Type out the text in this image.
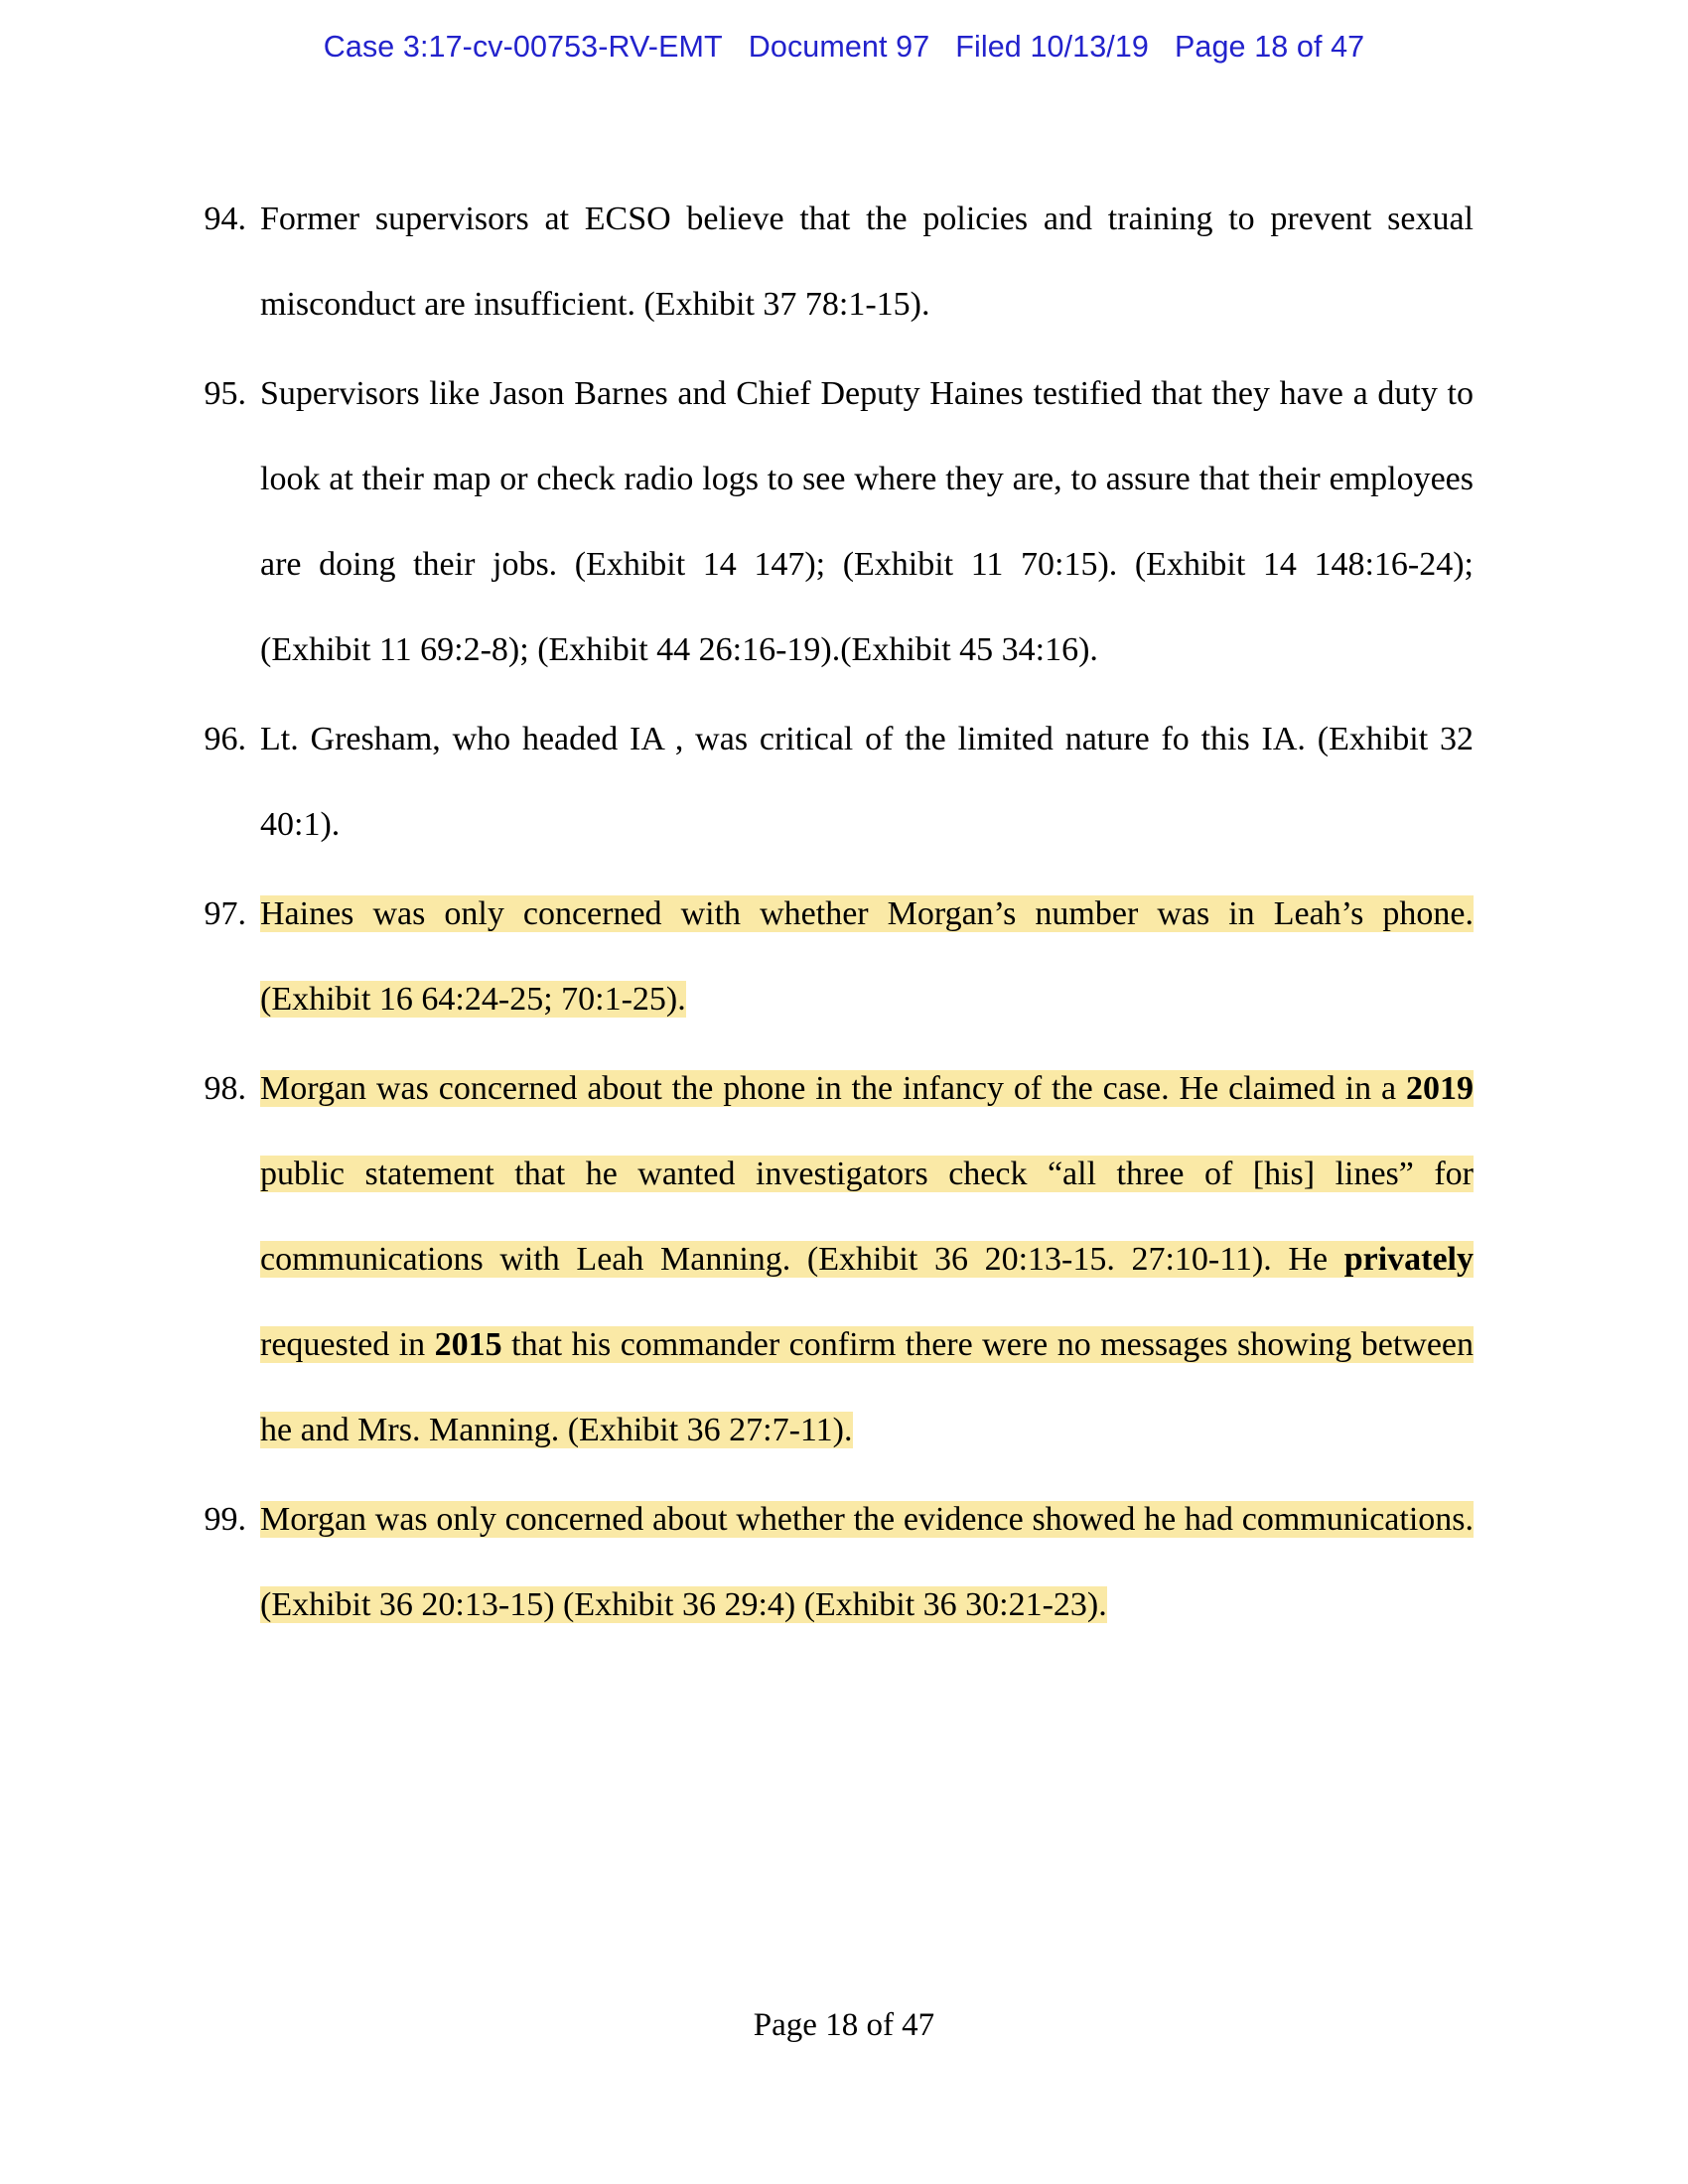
Case 3:17-cv-00753-RV-EMT Document 97 Filed 10/13/19 Page 18 of 47
94. Former supervisors at ECSO believe that the policies and training to prevent sexual misconduct are insufficient. (Exhibit 37 78:1-15).

95. Supervisors like Jason Barnes and Chief Deputy Haines testified that they have a duty to look at their map or check radio logs to see where they are, to assure that their employees are doing their jobs. (Exhibit 14 147); (Exhibit 11 70:15). (Exhibit 14 148:16-24); (Exhibit 11 69:2-8); (Exhibit 44 26:16-19).(Exhibit 45 34:16).

96. Lt. Gresham, who headed IA , was critical of the limited nature fo this IA. (Exhibit 32 40:1).

97. Haines was only concerned with whether Morgan’s number was in Leah’s phone. (Exhibit 16 64:24-25; 70:1-25).

98. Morgan was concerned about the phone in the infancy of the case. He claimed in a 2019 public statement that he wanted investigators check “all three of [his] lines” for communications with Leah Manning. (Exhibit 36 20:13-15. 27:10-11). He privately requested in 2015 that his commander confirm there were no messages showing between he and Mrs. Manning. (Exhibit 36 27:7-11).

99. Morgan was only concerned about whether the evidence showed he had communications. (Exhibit 36 20:13-15) (Exhibit 36 29:4) (Exhibit 36 30:21-23).

Page 18 of 47
